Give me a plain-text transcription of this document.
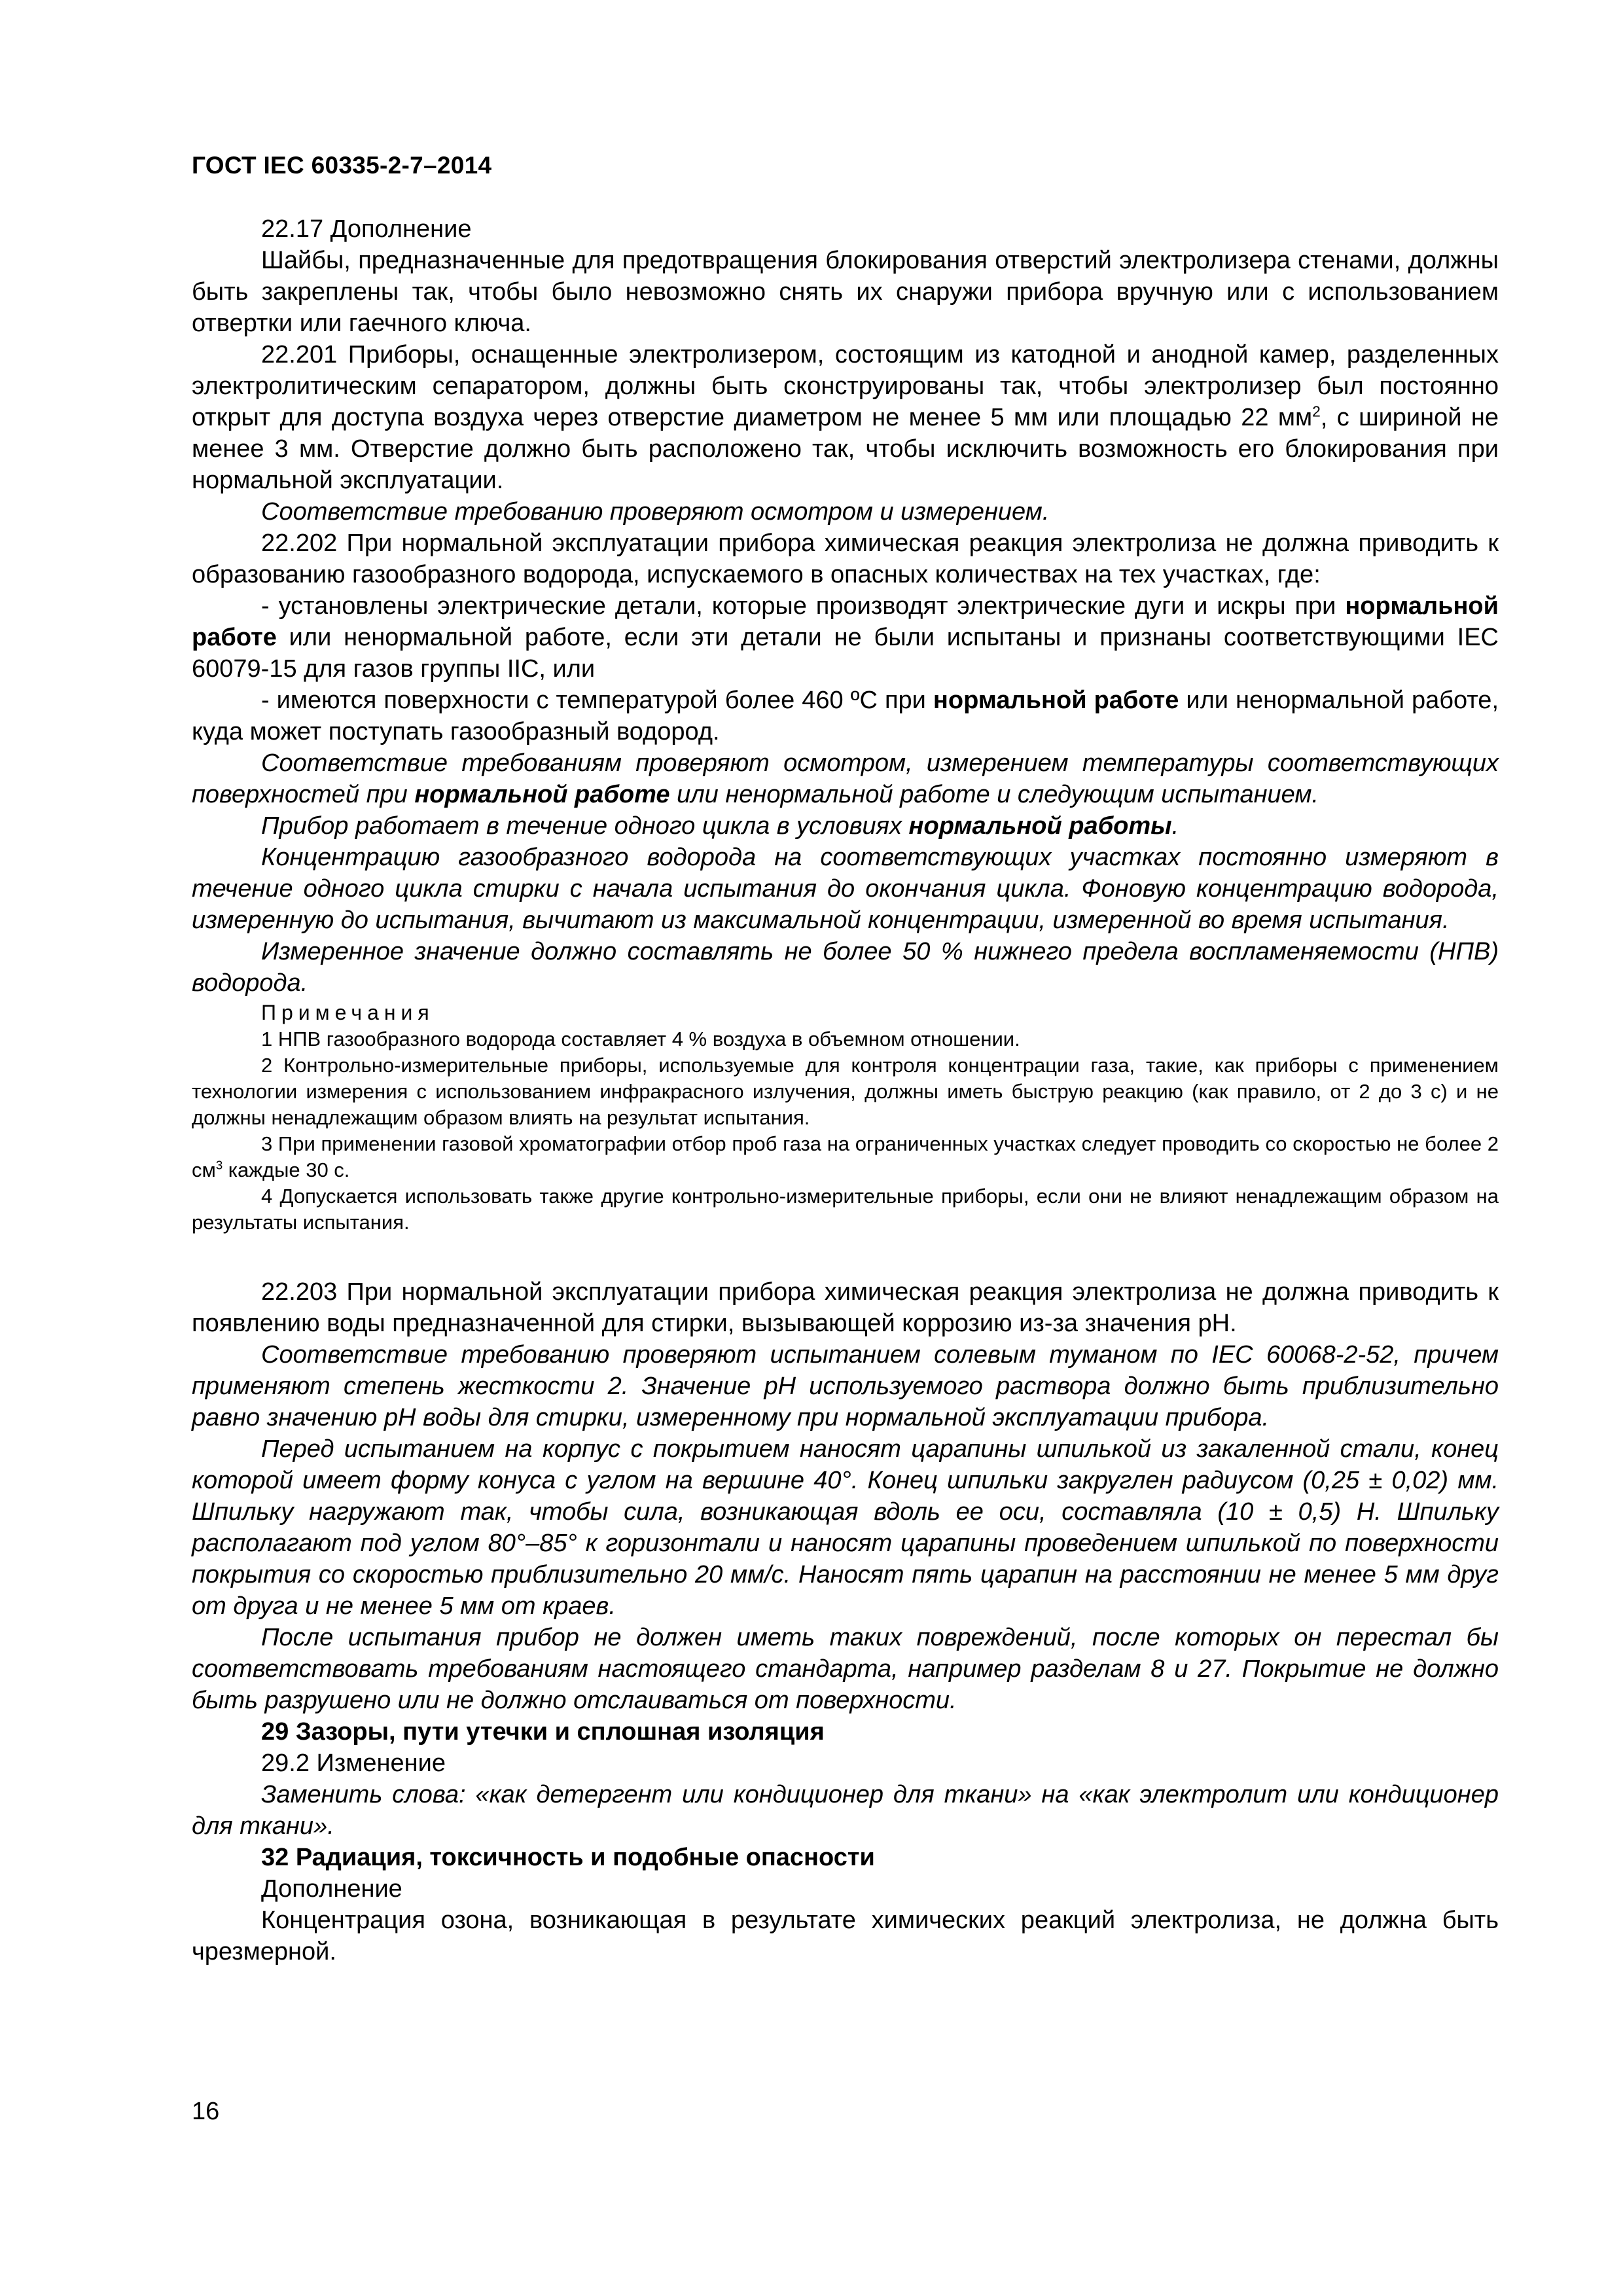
ГОСТ IEC 60335-2-7–2014

22.17 Дополнение

Шайбы, предназначенные для предотвращения блокирования отверстий электролизера стенами, должны быть закреплены так, чтобы было невозможно снять их снаружи прибора вручную или с использованием отвертки или гаечного ключа.

22.201 Приборы, оснащенные электролизером, состоящим из катодной и анодной камер, разделенных электролитическим сепаратором, должны быть сконструированы так, чтобы электролизер был постоянно открыт для доступа воздуха через отверстие диаметром не менее 5 мм или площадью 22 $мм^2$, с шириной не менее 3 мм. Отверстие должно быть расположено так, чтобы исключить возможность его блокирования при нормальной эксплуатации.

Соответствие требованию проверяют осмотром и измерением.

22.202 При нормальной эксплуатации прибора химическая реакция электролиза не должна приводить к образованию газообразного водорода, испускаемого в опасных количествах на тех участках, где:

- установлены электрические детали, которые производят электрические дуги и искры при нормальной работе или ненормальной работе, если эти детали не были испытаны и признаны соответствующими IEC 60079-15 для газов группы IIC, или

- имеются поверхности с температурой более 460 ºС при нормальной работе или ненормальной работе, куда может поступать газообразный водород.

Соответствие требованиям проверяют осмотром, измерением температуры соответствующих поверхностей при нормальной работе или ненормальной работе и следующим испытанием.

Прибор работает в течение одного цикла в условиях нормальной работы.

Концентрацию газообразного водорода на соответствующих участках постоянно измеряют в течение одного цикла стирки с начала испытания до окончания цикла. Фоновую концентрацию водорода, измеренную до испытания, вычитают из максимальной концентрации, измеренной во время испытания.

Измеренное значение должно составлять не более 50 % нижнего предела воспламеняемости (НПВ) водорода.

Примечания

1 НПВ газообразного водорода составляет 4 % воздуха в объемном отношении.

2 Контрольно-измерительные приборы, используемые для контроля концентрации газа, такие, как приборы с применением технологии измерения с использованием инфракрасного излучения, должны иметь быструю реакцию (как правило, от 2 до 3 с) и не должны ненадлежащим образом влиять на результат испытания.

3 При применении газовой хроматографии отбор проб газа на ограниченных участках следует проводить со скоростью не более 2 $см^3$ каждые 30 с.

4 Допускается использовать также другие контрольно-измерительные приборы, если они не влияют ненадлежащим образом на результаты испытания.

22.203 При нормальной эксплуатации прибора химическая реакция электролиза не должна приводить к появлению воды предназначенной для стирки, вызывающей коррозию из-за значения рН.

Соответствие требованию проверяют испытанием солевым туманом по IEC 60068-2-52, причем применяют степень жесткости 2. Значение рН используемого раствора должно быть приблизительно равно значению рН воды для стирки, измеренному при нормальной эксплуатации прибора.

Перед испытанием на корпус с покрытием наносят царапины шпилькой из закаленной стали, конец которой имеет форму конуса с углом на вершине 40°. Конец шпильки закруглен радиусом (0,25 ± 0,02) мм. Шпильку нагружают так, чтобы сила, возникающая вдоль ее оси, составляла (10 ± 0,5) Н. Шпильку располагают под углом 80°–85° к горизонтали и наносят царапины проведением шпилькой по поверхности покрытия со скоростью приблизительно 20 мм/с. Наносят пять царапин на расстоянии не менее 5 мм друг от друга и не менее 5 мм от краев.

После испытания прибор не должен иметь таких повреждений, после которых он перестал бы соответствовать требованиям настоящего стандарта, например разделам 8 и 27. Покрытие не должно быть разрушено или не должно отслаиваться от поверхности.

29 Зазоры, пути утечки и сплошная изоляция

29.2 Изменение

Заменить слова: «как детергент или кондиционер для ткани» на «как электролит или кондиционер для ткани».

32 Радиация, токсичность и подобные опасности

Дополнение

Концентрация озона, возникающая в результате химических реакций электролиза, не должна быть чрезмерной.

16
